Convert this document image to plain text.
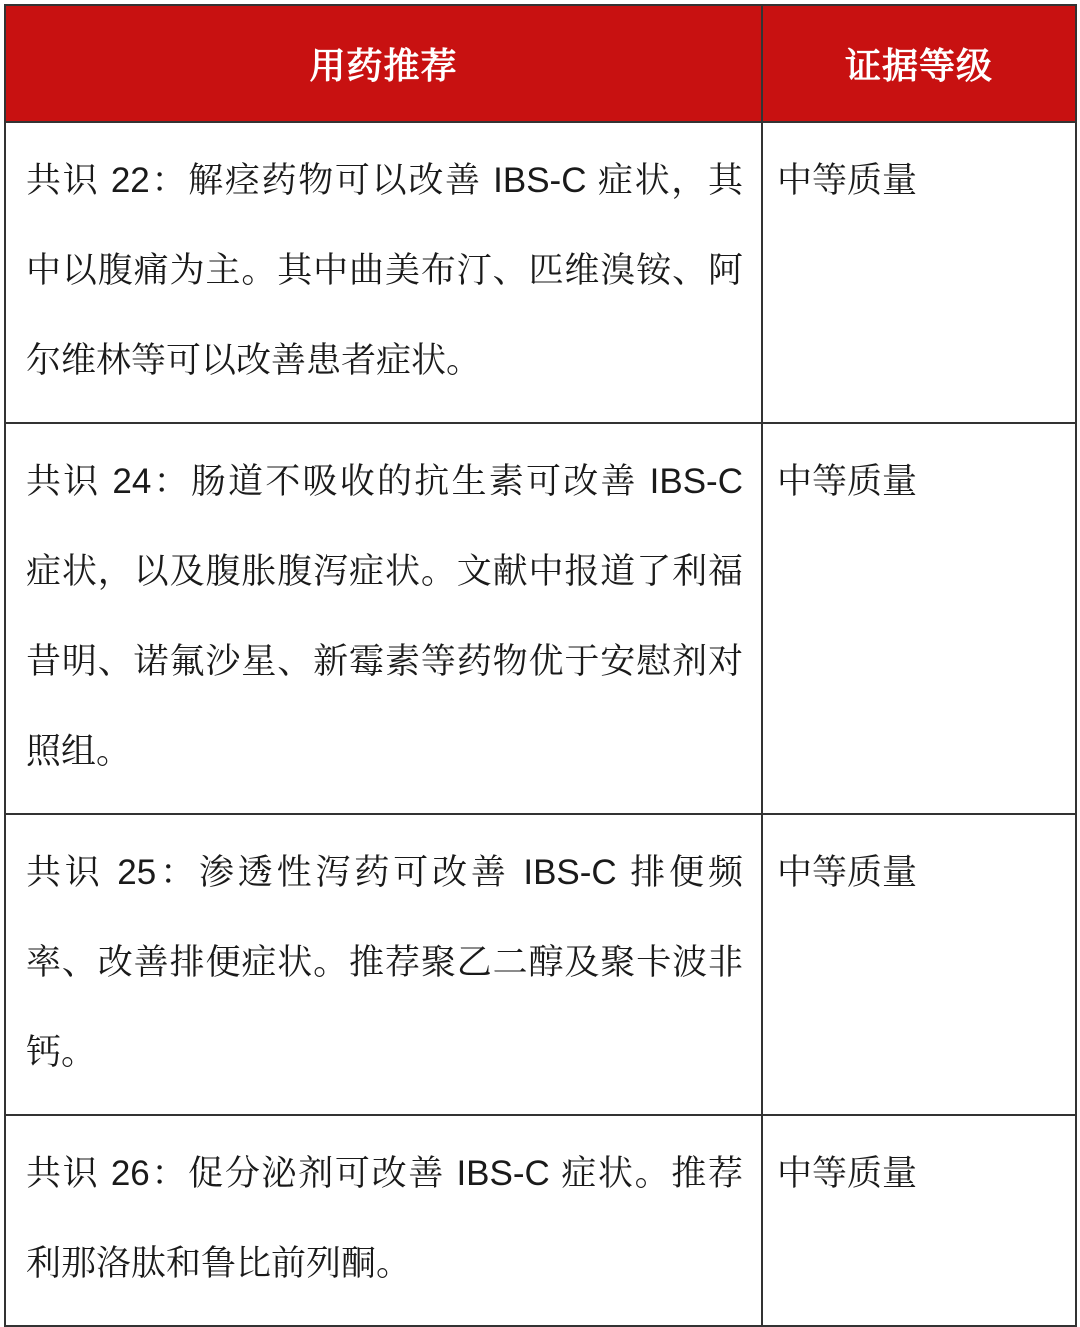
用药推荐	证据等级
共识 22：解痉药物可以改善 IBS-C 症状，其中以腹痛为主。其中曲美布汀、匹维溴铵、阿尔维林等可以改善患者症状。	中等质量
共识 24：肠道不吸收的抗生素可改善 IBS-C 症状，以及腹胀腹泻症状。文献中报道了利福昔明、诺氟沙星、新霉素等药物优于安慰剂对照组。	中等质量
共识 25：渗透性泻药可改善 IBS-C 排便频率、改善排便症状。推荐聚乙二醇及聚卡波非钙。	中等质量
共识 26：促分泌剂可改善 IBS-C 症状。推荐利那洛肽和鲁比前列酮。	中等质量
